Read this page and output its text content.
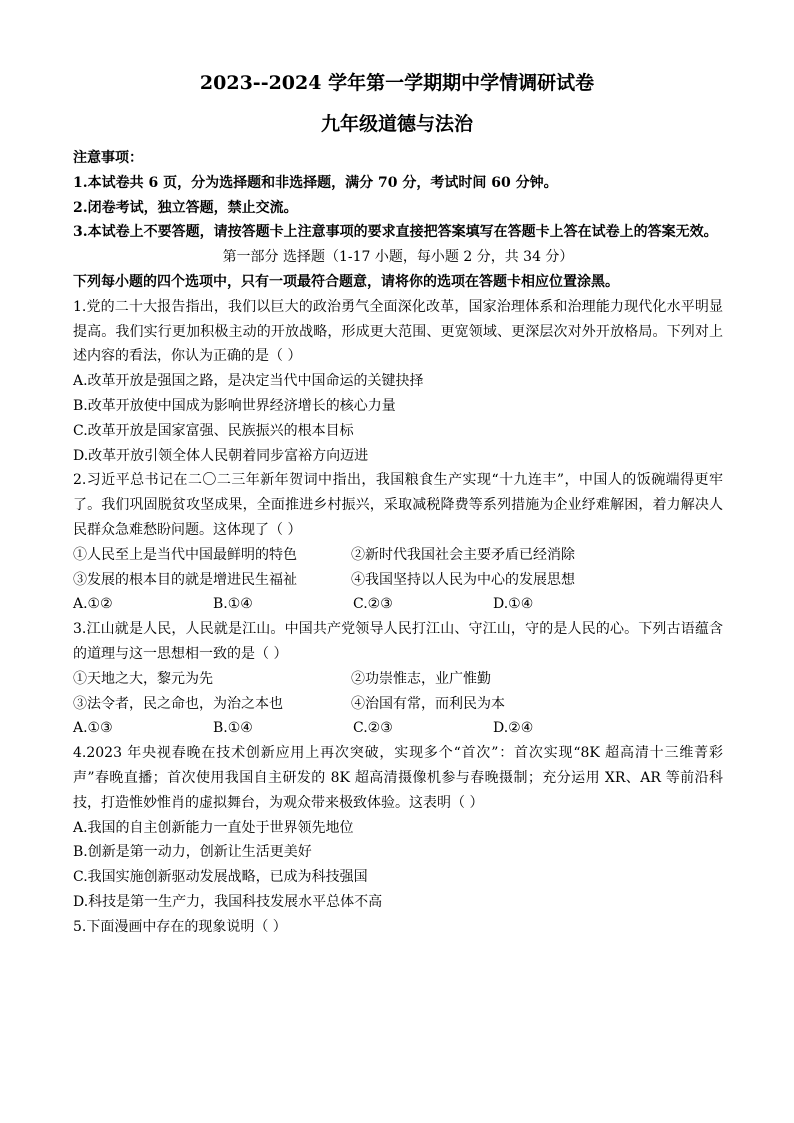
2023--2024 学年第一学期期中学情调研试卷
九年级道德与法治
注意事项：
1.本试卷共 6 页，分为选择题和非选择题，满分 70 分，考试时间 60 分钟。
2.闭卷考试，独立答题，禁止交流。
3.本试卷上不要答题，请按答题卡上注意事项的要求直接把答案填写在答题卡上答在试卷上的答案无效。
第一部分 选择题（1-17 小题，每小题 2 分，共 34 分）
下列每小题的四个选项中，只有一项最符合题意，请将你的选项在答题卡相应位置涂黑。
1.党的二十大报告指出，我们以巨大的政治勇气全面深化改革，国家治理体系和治理能力现代化水平明显提高。我们实行更加积极主动的开放战略，形成更大范围、更宽领域、更深层次对外开放格局。下列对上述内容的看法，你认为正确的是（ ）
A.改革开放是强国之路，是决定当代中国命运的关键抉择
B.改革开放使中国成为影响世界经济增长的核心力量
C.改革开放是国家富强、民族振兴的根本目标
D.改革开放引领全体人民朝着同步富裕方向迈进
2.习近平总书记在二〇二三年新年贺词中指出，我国粮食生产实现“十九连丰”，中国人的饭碗端得更牢了。我们巩固脱贫攻坚成果，全面推进乡村振兴，采取减税降费等系列措施为企业纾难解困，着力解决人民群众急难愁盼问题。这体现了（ ）
①人民至上是当代中国最鲜明的特色	②新时代我国社会主要矛盾已经消除
③发展的根本目的就是增进民生福祉	④我国坚持以人民为中心的发展思想
A.①②	B.①④	C.②③	D.①④
3.江山就是人民，人民就是江山。中国共产党领导人民打江山、守江山，守的是人民的心。下列古语蕴含的道理与这一思想相一致的是（ ）
①天地之大，黎元为先	②功崇惟志，业广惟勤
③法令者，民之命也，为治之本也	④治国有常，而利民为本
A.①③	B.①④	C.②③	D.②④
4.2023 年央视春晚在技术创新应用上再次突破，实现多个“首次”：首次实现“8K 超高清十三维菁彩声”春晚直播；首次使用我国自主研发的 8K 超高清摄像机参与春晚摄制；充分运用 XR、AR 等前沿科技，打造惟妙惟肖的虚拟舞台，为观众带来极致体验。这表明（ ）
A.我国的自主创新能力一直处于世界领先地位
B.创新是第一动力，创新让生活更美好
C.我国实施创新驱动发展战略，已成为科技强国
D.科技是第一生产力，我国科技发展水平总体不高
5.下面漫画中存在的现象说明（ ）
